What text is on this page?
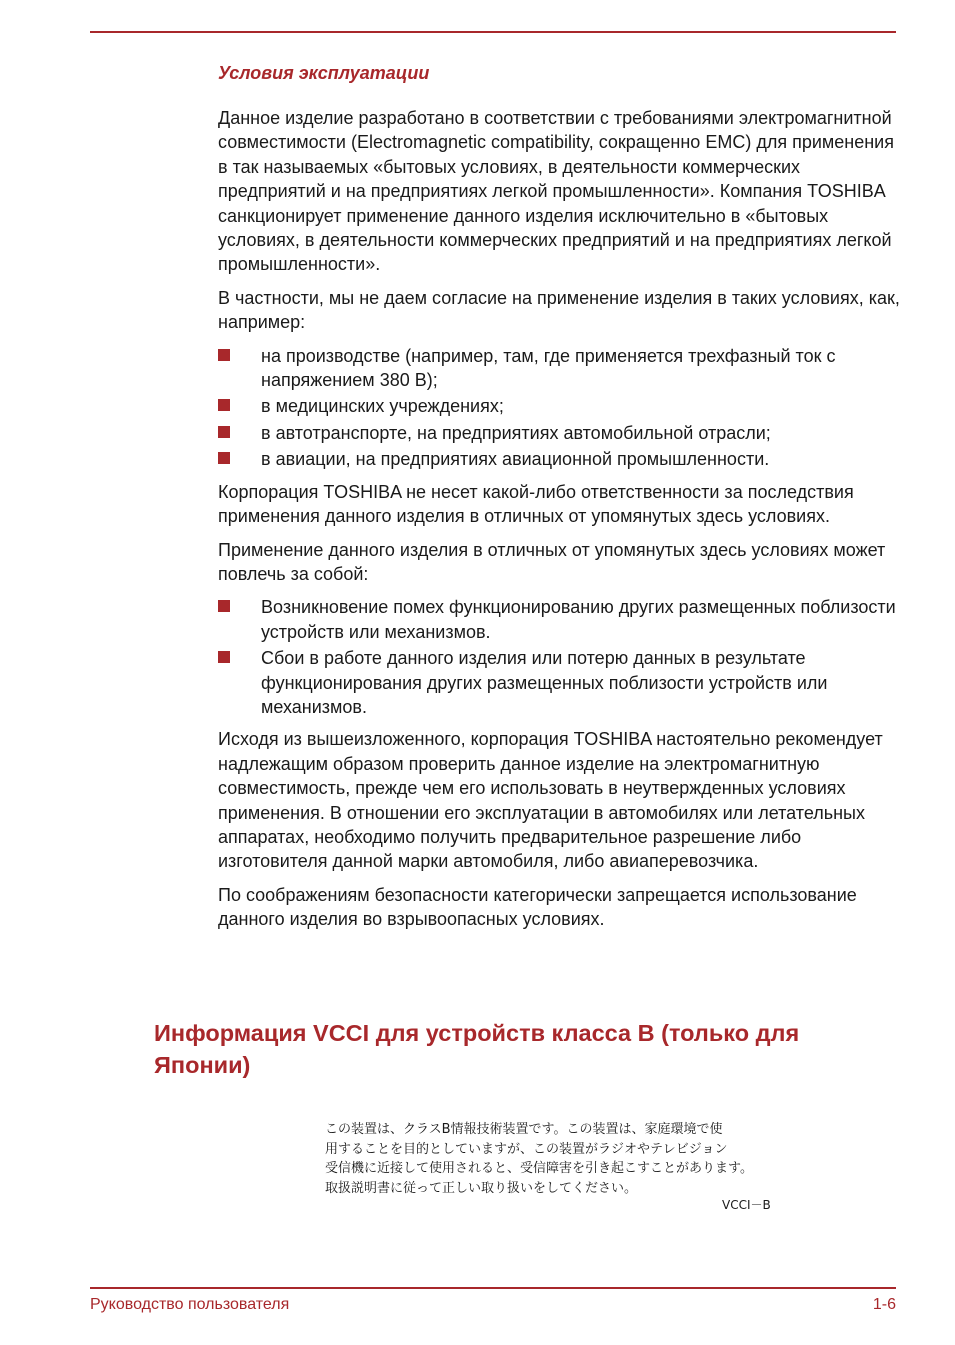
Условия эксплуатации

Данное изделие разработано в соответствии с требованиями электромагнитной совместимости (Electromagnetic compatibility, сокращенно EMC) для применения в так называемых «бытовых условиях, в деятельности коммерческих предприятий и на предприятиях легкой промышленности». Компания TOSHIBA санкционирует применение данного изделия исключительно в «бытовых условиях, в деятельности коммерческих предприятий и на предприятиях легкой промышленности».

В частности, мы не даем согласие на применение изделия в таких условиях, как, например:

на производстве (например, там, где применяется трехфазный ток с напряжением 380 В);
в медицинских учреждениях;
в автотранспорте, на предприятиях автомобильной отрасли;
в авиации, на предприятиях авиационной промышленности.

Корпорация TOSHIBA не несет какой-либо ответственности за последствия применения данного изделия в отличных от упомянутых здесь условиях.

Применение данного изделия в отличных от упомянутых здесь условиях может повлечь за собой:

Возникновение помех функционированию других размещенных поблизости устройств или механизмов.
Сбои в работе данного изделия или потерю данных в результате функционирования других размещенных поблизости устройств или механизмов.

Исходя из вышеизложенного, корпорация TOSHIBA настоятельно рекомендует надлежащим образом проверить данное изделие на электромагнитную совместимость, прежде чем его использовать в неутвержденных условиях применения. В отношении его эксплуатации в автомобилях или летательных аппаратах, необходимо получить предварительное разрешение либо изготовителя данной марки автомобиля, либо авиаперевозчика.

По соображениям безопасности категорически запрещается использование данного изделия во взрывоопасных условиях.

Информация VCCI для устройств класса B (только для Японии)
この装置は、クラスB情報技術装置です。この装置は、家庭環境で使
用することを目的としていますが、この装置がラジオやテレビジョン
受信機に近接して使用されると、受信障害を引き起こすことがあります。
取扱説明書に従って正しい取り扱いをしてください。
VCCI－B
Руководство пользователя	1-6
